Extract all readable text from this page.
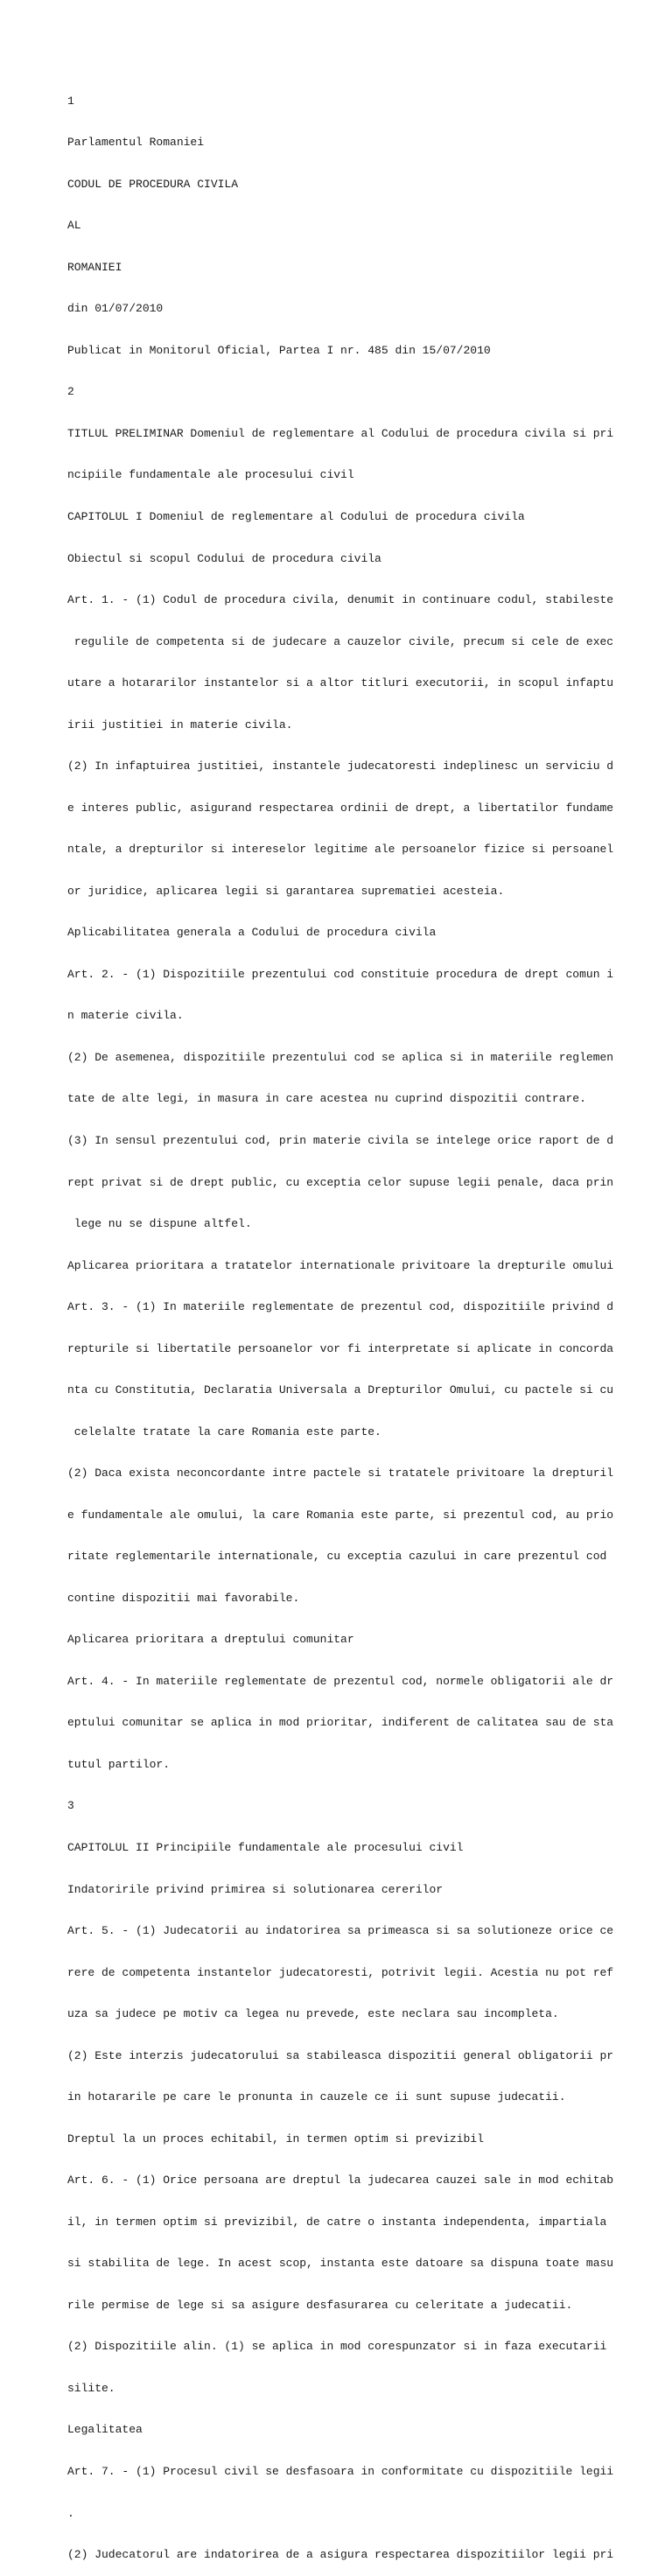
1

Parlamentul Romaniei

CODUL DE PROCEDURA CIVILA

AL

ROMANIEI

din 01/07/2010

Publicat in Monitorul Oficial, Partea I nr. 485 din 15/07/2010

2

TITLUL PRELIMINAR Domeniul de reglementare al Codului de procedura civila si pri

ncipiile fundamentale ale procesului civil

CAPITOLUL I Domeniul de reglementare al Codului de procedura civila

Obiectul si scopul Codului de procedura civila

Art. 1. - (1) Codul de procedura civila, denumit in continuare codul, stabileste

regulile de competenta si de judecare a cauzelor civile, precum si cele de exec

utare a hotararilor instantelor si a altor titluri executorii, in scopul infaptu

irii justitiei in materie civila.

(2) In infaptuirea justitiei, instantele judecatoresti indeplinesc un serviciu d

e interes public, asigurand respectarea ordinii de drept, a libertatilor fundame

ntale, a drepturilor si intereselor legitime ale persoanelor fizice si persoanel

or juridice, aplicarea legii si garantarea suprematiei acesteia.

Aplicabilitatea generala a Codului de procedura civila

Art. 2. - (1) Dispozitiile prezentului cod constituie procedura de drept comun i

n materie civila.

(2) De asemenea, dispozitiile prezentului cod se aplica si in materiile reglemen

tate de alte legi, in masura in care acestea nu cuprind dispozitii contrare.

(3) In sensul prezentului cod, prin materie civila se intelege orice raport de d

rept privat si de drept public, cu exceptia celor supuse legii penale, daca prin

lege nu se dispune altfel.

Aplicarea prioritara a tratatelor internationale privitoare la drepturile omului

Art. 3. - (1) In materiile reglementate de prezentul cod, dispozitiile privind d

repturile si libertatile persoanelor vor fi interpretate si aplicate in concorda

nta cu Constitutia, Declaratia Universala a Drepturilor Omului, cu pactele si cu

celelalte tratate la care Romania este parte.

(2) Daca exista neconcordante intre pactele si tratatele privitoare la drepturil

e fundamentale ale omului, la care Romania este parte, si prezentul cod, au prio

ritate reglementarile internationale, cu exceptia cazului in care prezentul cod

contine dispozitii mai favorabile.

Aplicarea prioritara a dreptului comunitar

Art. 4. - In materiile reglementate de prezentul cod, normele obligatorii ale dr

eptului comunitar se aplica in mod prioritar, indiferent de calitatea sau de sta

tutul partilor.

3

CAPITOLUL II Principiile fundamentale ale procesului civil

Indatoririle privind primirea si solutionarea cererilor

Art. 5. - (1) Judecatorii au indatorirea sa primeasca si sa solutioneze orice ce

rere de competenta instantelor judecatoresti, potrivit legii. Acestia nu pot ref

uza sa judece pe motiv ca legea nu prevede, este neclara sau incompleta.

(2) Este interzis judecatorului sa stabileasca dispozitii general obligatorii pr

in hotararile pe care le pronunta in cauzele ce ii sunt supuse judecatii.

Dreptul la un proces echitabil, in termen optim si previzibil

Art. 6. - (1) Orice persoana are dreptul la judecarea cauzei sale in mod echitab

il, in termen optim si previzibil, de catre o instanta independenta, impartiala

si stabilita de lege. In acest scop, instanta este datoare sa dispuna toate masu

rile permise de lege si sa asigure desfasurarea cu celeritate a judecatii.

(2) Dispozitiile alin. (1) se aplica in mod corespunzator si in faza executarii

silite.

Legalitatea

Art. 7. - (1) Procesul civil se desfasoara in conformitate cu dispozitiile legii

.

(2) Judecatorul are indatorirea de a asigura respectarea dispozitiilor legii pri
